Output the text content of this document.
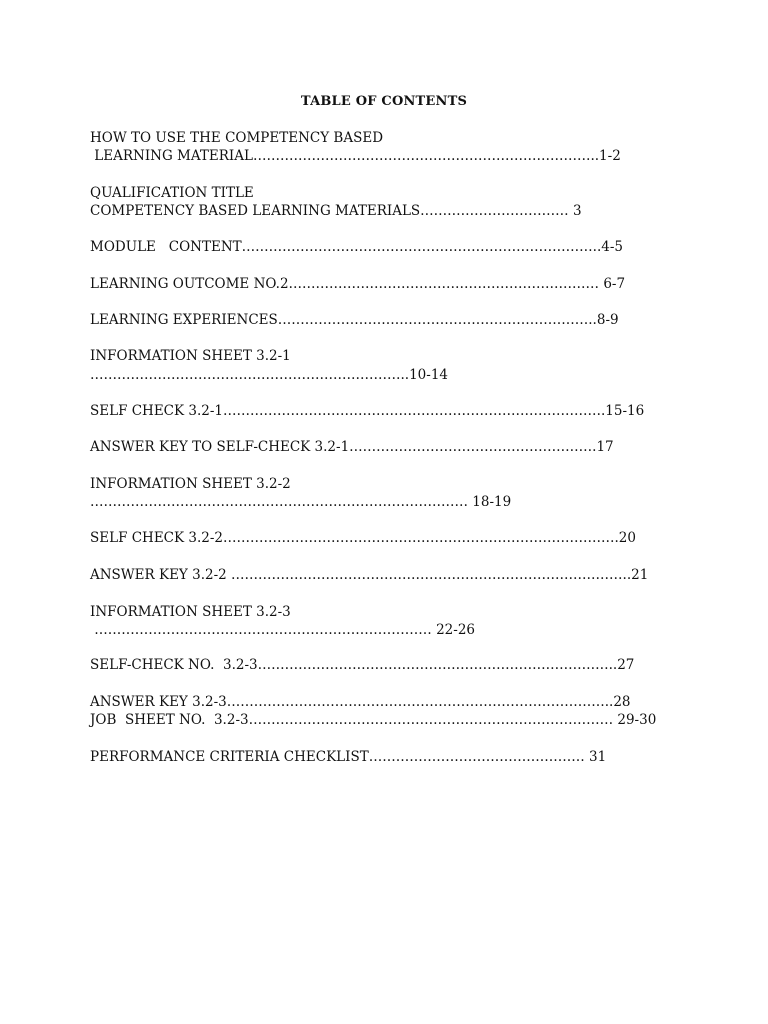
TABLE OF CONTENTS
HOW TO USE THE COMPETENCY BASED
LEARNING MATERIAL…………………………………………………………………..1-2
QUALIFICATION TITLE
COMPETENCY BASED LEARNING MATERIALS…………………………… 3
MODULE   CONTENT……………………………………………………………………..4-5
LEARNING OUTCOME NO.2…………………………………………………………… 6-7
LEARNING EXPERIENCES……………………………………………………………..8-9
INFORMATION SHEET 3.2-1
……………………………………………………………..10-14
SELF CHECK 3.2-1………………………………………………………………………….15-16
ANSWER KEY TO SELF-CHECK 3.2-1……………………………………………….17
INFORMATION SHEET 3.2-2
………………………………………………………………………… 18-19
SELF CHECK 3.2-2…………………………………………………………………………….20
ANSWER KEY 3.2-2 ……………………………………………………………………………..21
INFORMATION SHEET 3.2-3
………………………………………………………………… 22-26
SELF-CHECK NO.  3.2-3……………………………………………………………………..27
ANSWER KEY 3.2-3…………………………………………………………………………..28
JOB  SHEET NO.  3.2-3……………………………………………………………………… 29-30
PERFORMANCE CRITERIA CHECKLIST………………………………………… 31
